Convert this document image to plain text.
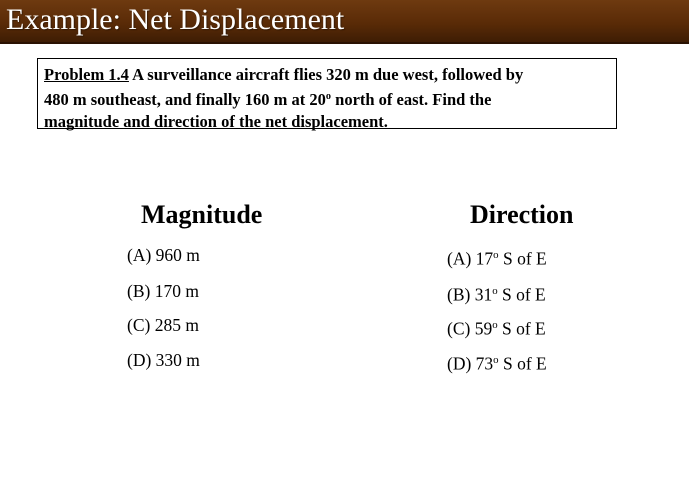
Example: Net Displacement
Problem 1.4 A surveillance aircraft flies 320 m due west, followed by
480 m southeast, and finally 160 m at 20$^o$ north of east. Find the
magnitude and direction of the net displacement.
Magnitude	Direction
(A) 960 m
(B) 170 m
(C) 285 m
(D) 330 m
(A) 17$^o$ S of E
(B) 31$^o$ S of E
(C) 59$^o$ S of E
(D) 73$^o$ S of E
